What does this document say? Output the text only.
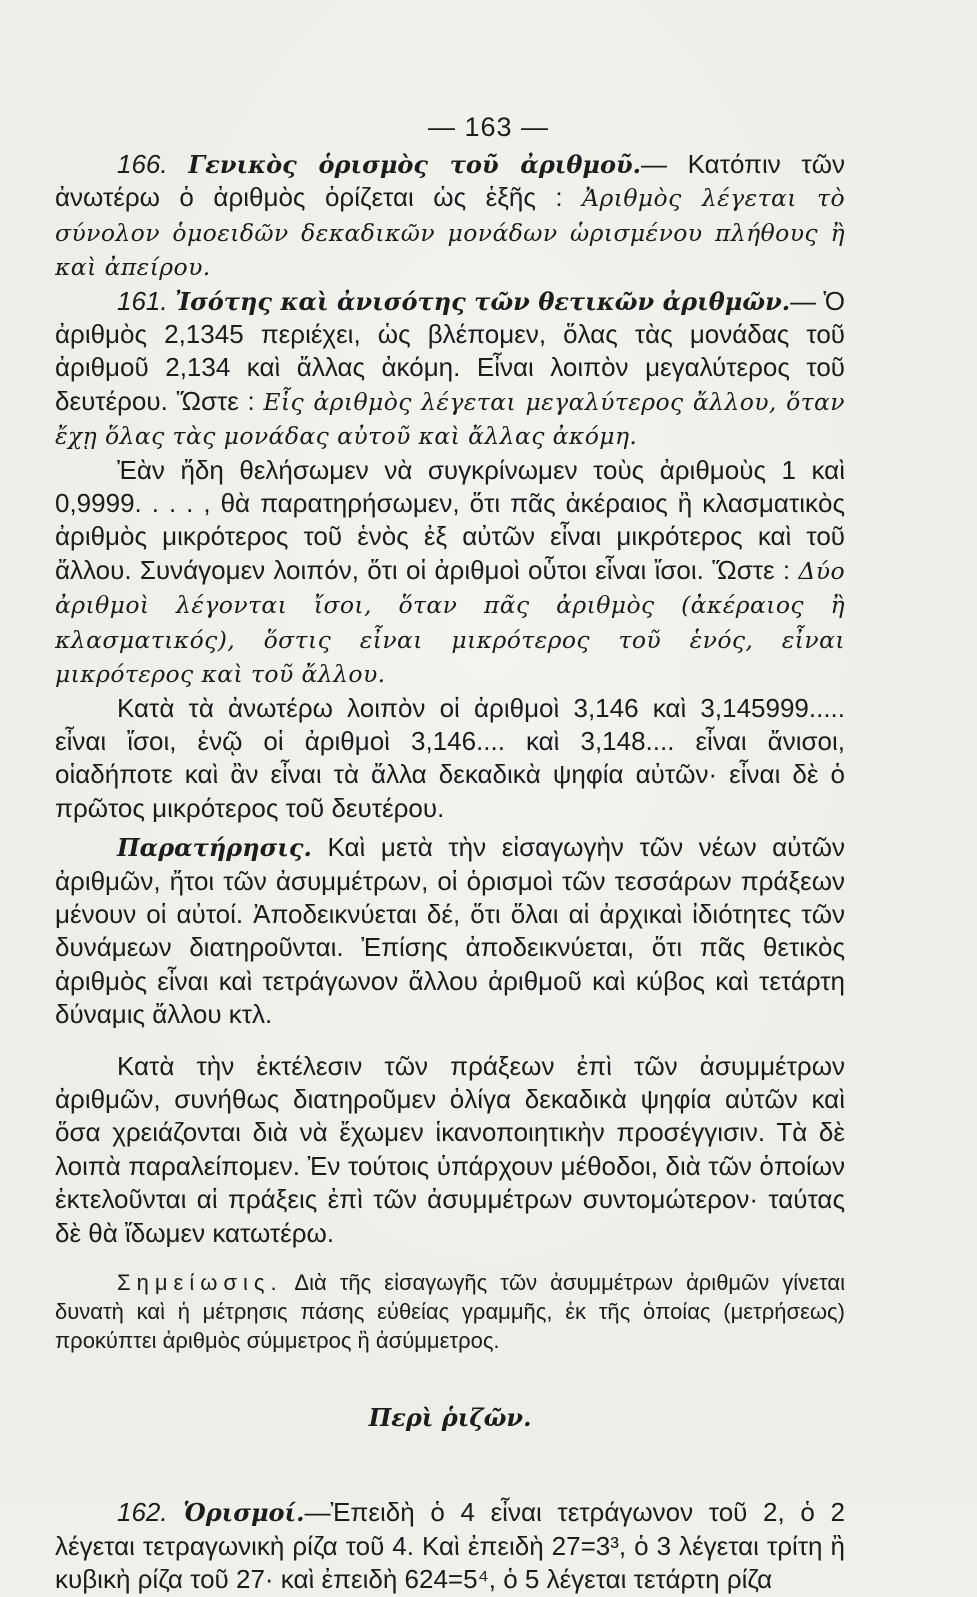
— 163 —

166. Γενικὸς ὁρισμὸς τοῦ ἀριθμοῦ.— Κατόπιν τῶν ἀνωτέρω ὁ ἀριθμὸς ὁρίζεται ὡς ἑξῆς : Ἀριθμὸς λέγεται τὸ σύνολον ὁμοειδῶν δεκαδικῶν μονάδων ὡρισμένου πλήθους ἢ καὶ ἀπείρου.

161. Ἰσότης καὶ ἀνισότης τῶν θετικῶν ἀριθμῶν.— Ὁ ἀριθμὸς 2,1345 περιέχει, ὡς βλέπομεν, ὅλας τὰς μονάδας τοῦ ἀριθμοῦ 2,134 καὶ ἄλλας ἀκόμη. Εἶναι λοιπὸν μεγαλύτερος τοῦ δευτέρου. Ὥστε : Εἷς ἀριθμὸς λέγεται μεγαλύτερος ἄλλου, ὅταν ἔχῃ ὅλας τὰς μονάδας αὐτοῦ καὶ ἄλλας ἀκόμη.

Ἐὰν ἤδη θελήσωμεν νὰ συγκρίνωμεν τοὺς ἀριθμοὺς 1 καὶ 0,9999. . . . , θὰ παρατηρήσωμεν, ὅτι πᾶς ἀκέραιος ἢ κλασματικὸς ἀριθμὸς μικρότερος τοῦ ἑνὸς ἐξ αὐτῶν εἶναι μικρότερος καὶ τοῦ ἄλλου. Συνάγομεν λοιπόν, ὅτι οἱ ἀριθμοὶ οὗτοι εἶναι ἴσοι. Ὥστε : Δύο ἀριθμοὶ λέγονται ἴσοι, ὅταν πᾶς ἀριθμὸς (ἀκέραιος ἢ κλασματικός), ὅστις εἶναι μικρότερος τοῦ ἑνός, εἶναι μικρότερος καὶ τοῦ ἄλλου.

Κατὰ τὰ ἀνωτέρω λοιπὸν οἱ ἀριθμοὶ 3,146 καὶ 3,145999..... εἶναι ἴσοι, ἐνῷ οἱ ἀριθμοὶ 3,146.... καὶ 3,148.... εἶναι ἄνισοι, οἱαδήποτε καὶ ἂν εἶναι τὰ ἄλλα δεκαδικὰ ψηφία αὐτῶν· εἶναι δὲ ὁ πρῶτος μικρότερος τοῦ δευτέρου.

Παρατήρησις. Καὶ μετὰ τὴν εἰσαγωγὴν τῶν νέων αὐτῶν ἀριθμῶν, ἤτοι τῶν ἀσυμμέτρων, οἱ ὁρισμοὶ τῶν τεσσάρων πράξεων μένουν οἱ αὐτοί. Ἀποδεικνύεται δέ, ὅτι ὅλαι αἱ ἀρχικαὶ ἰδιότητες τῶν δυνάμεων διατηροῦνται. Ἐπίσης ἀποδεικνύεται, ὅτι πᾶς θετικὸς ἀριθμὸς εἶναι καὶ τετράγωνον ἄλλου ἀριθμοῦ καὶ κύβος καὶ τετάρτη δύναμις ἄλλου κτλ.

Κατὰ τὴν ἐκτέλεσιν τῶν πράξεων ἐπὶ τῶν ἀσυμμέτρων ἀριθμῶν, συνήθως διατηροῦμεν ὀλίγα δεκαδικὰ ψηφία αὐτῶν καὶ ὅσα χρειάζονται διὰ νὰ ἔχωμεν ἱκανοποιητικὴν προσέγγισιν. Τὰ δὲ λοιπὰ παραλείπομεν. Ἐν τούτοις ὑπάρχουν μέθοδοι, διὰ τῶν ὁποίων ἐκτελοῦνται αἱ πράξεις ἐπὶ τῶν ἀσυμμέτρων συντομώτερον· ταύτας δὲ θὰ ἴδωμεν κατωτέρω.

Σημείωσις. Διὰ τῆς εἰσαγωγῆς τῶν ἀσυμμέτρων ἀριθμῶν γίνεται δυνατὴ καὶ ἡ μέτρησις πάσης εὐθείας γραμμῆς, ἐκ τῆς ὁποίας (μετρήσεως) προκύπτει ἀριθμὸς σύμμετρος ἢ ἀσύμμετρος.

Περὶ ῥιζῶν.

162. Ὁρισμοί.—Ἐπειδὴ ὁ 4 εἶναι τετράγωνον τοῦ 2, ὁ 2 λέγεται τετραγωνικὴ ρίζα τοῦ 4. Καὶ ἐπειδὴ 27=3³, ὁ 3 λέγεται τρίτη ἢ κυβικὴ ρίζα τοῦ 27· καὶ ἐπειδὴ 624=5⁴, ὁ 5 λέγεται τετάρτη ρίζα
